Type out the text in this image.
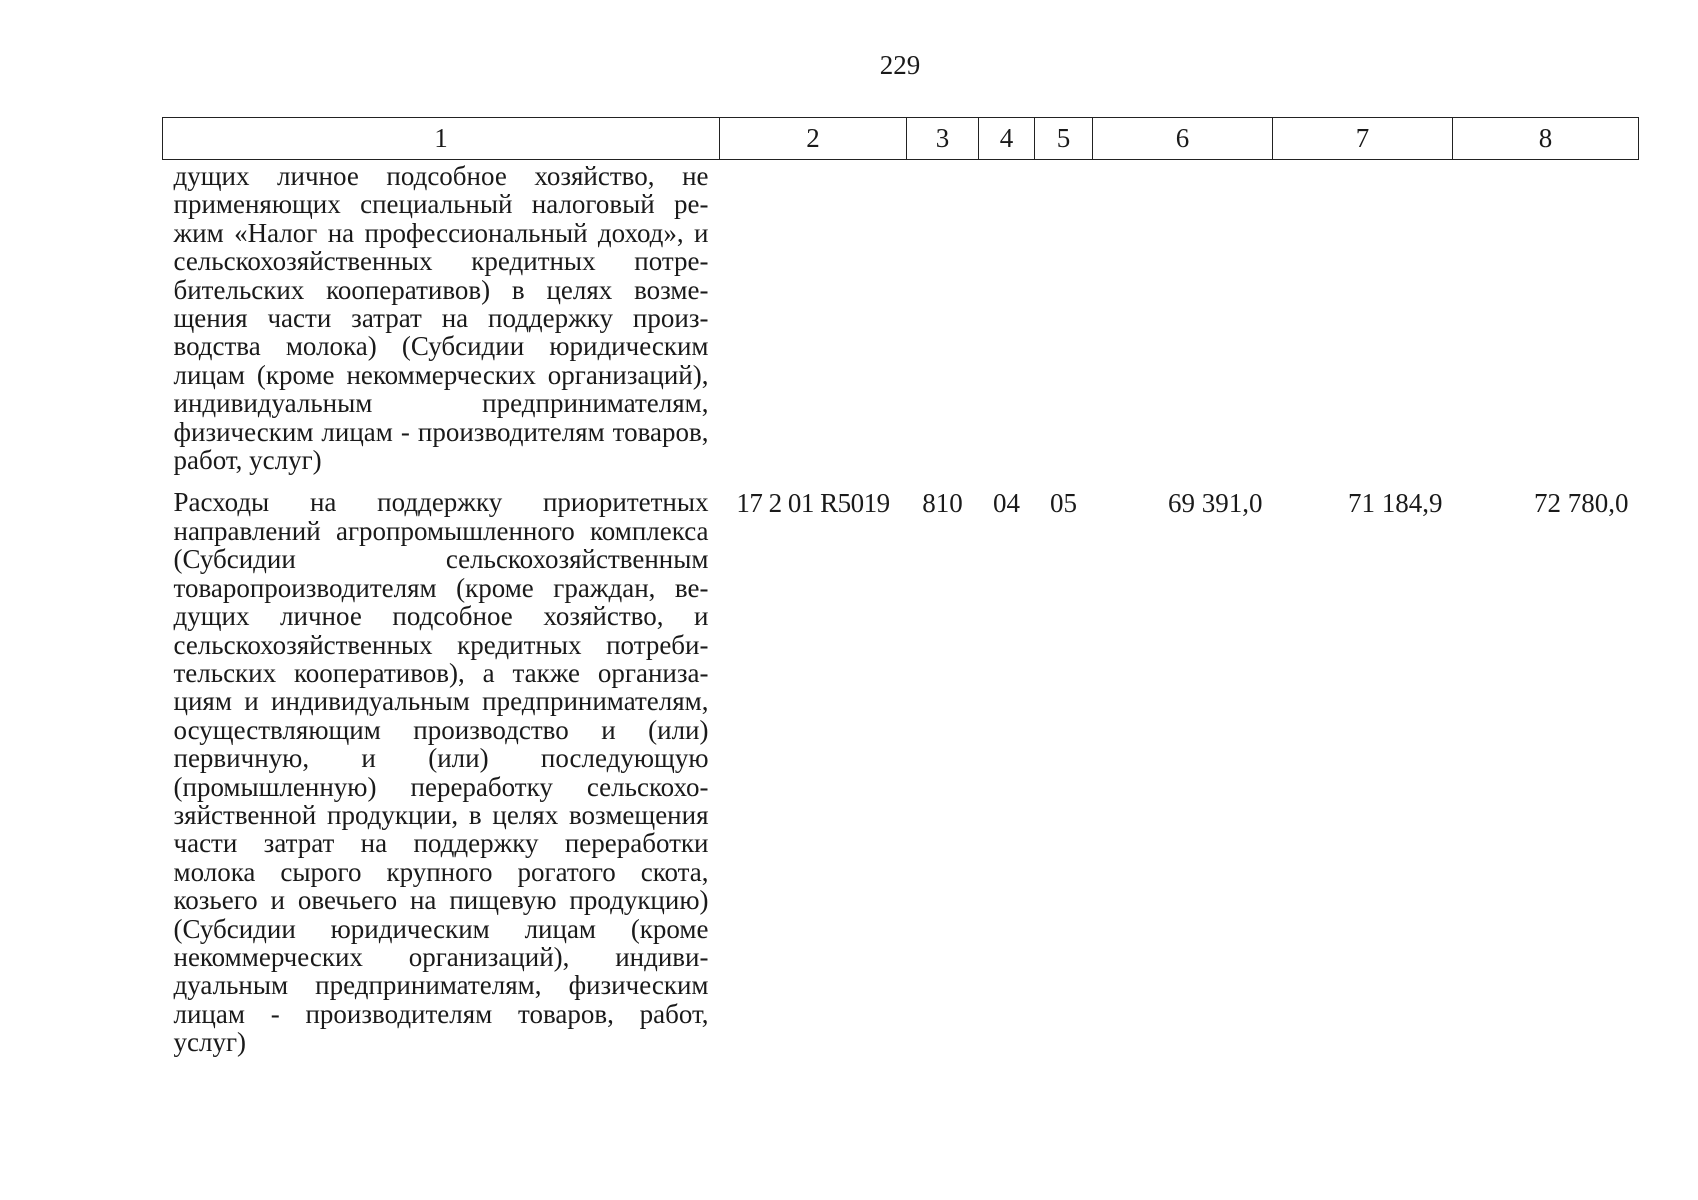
229
1	2	3	4	5	6	7	8
дущих личное подсобное хозяйство, не применяющих специальный налоговый режим «Налог на профессиональный доход», и сельскохозяйственных кредитных потребительских кооперативов) в целях возмещения части затрат на поддержку производства молока) (Субсидии юридическим лицам (кроме некоммерческих организаций), индивидуальным предпринимателям, физическим лицам - производителям товаров, работ, услуг)							
Расходы на поддержку приоритетных направлений агропромышленного комплекса (Субсидии сельскохозяйственным товаропроизводителям (кроме граждан, ведущих личное подсобное хозяйство, и сельскохозяйственных кредитных потребительских кооперативов), а также организациям и индивидуальным предпринимателям, осуществляющим производство и (или) первичную, и (или) последующую (промышленную) переработку сельскохозяйственной продукции, в целях возмещения части затрат на поддержку переработки молока сырого крупного рогатого скота, козьего и овечьего на пищевую продукцию) (Субсидии юридическим лицам (кроме некоммерческих организаций), индивидуальным предпринимателям, физическим лицам - производителям товаров, работ, услуг)	17 2 01 R5019	810	04	05	69 391,0	71 184,9	72 780,0
